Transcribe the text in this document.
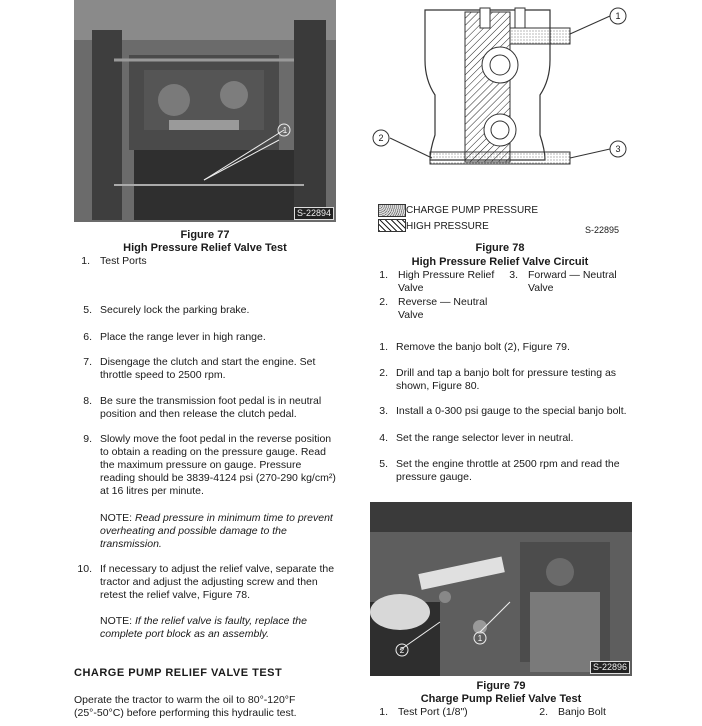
1
S-22894
Figure 77
High Pressure Relief Valve Test
1. Test Ports
5. Securely lock the parking brake.
6. Place the range lever in high range.
7. Disengage the clutch and start the engine. Set throttle speed to 2500 rpm.
8. Be sure the transmission foot pedal is in neutral position and then release the clutch pedal.
9. Slowly move the foot pedal in the reverse position to obtain a reading on the pressure gauge. Read the maximum pressure on gauge. Pressure reading should be 3839-4124 psi (270-290 kg/cm²) at 16 litres per minute.
NOTE: Read pressure in minimum time to prevent overheating and possible damage to the transmission.
10. If necessary to adjust the relief valve, separate the tractor and adjust the adjusting screw and then retest the relief valve, Figure 78.
NOTE: If the relief valve is faulty, replace the complete port block as an assembly.
CHARGE PUMP RELIEF VALVE TEST
Operate the tractor to warm the oil to 80°-120°F (25°-50°C) before performing this hydraulic test.
1
2
3
CHARGE PUMP PRESSURE
HIGH PRESSURE	S-22895
Figure 78
High Pressure Relief Valve Circuit
1. High Pressure Relief Valve
3. Forward — Neutral Valve
2. Reverse — Neutral Valve
1. Remove the banjo bolt (2), Figure 79.
2. Drill and tap a banjo bolt for pressure testing as shown, Figure 80.
3. Install a 0-300 psi gauge to the special banjo bolt.
4. Set the range selector lever in neutral.
5. Set the engine throttle at 2500 rpm and read the pressure gauge.
1
2
S-22896
Figure 79
Charge Pump Relief Valve Test
1. Test Port (1/8")	2. Banjo Bolt
